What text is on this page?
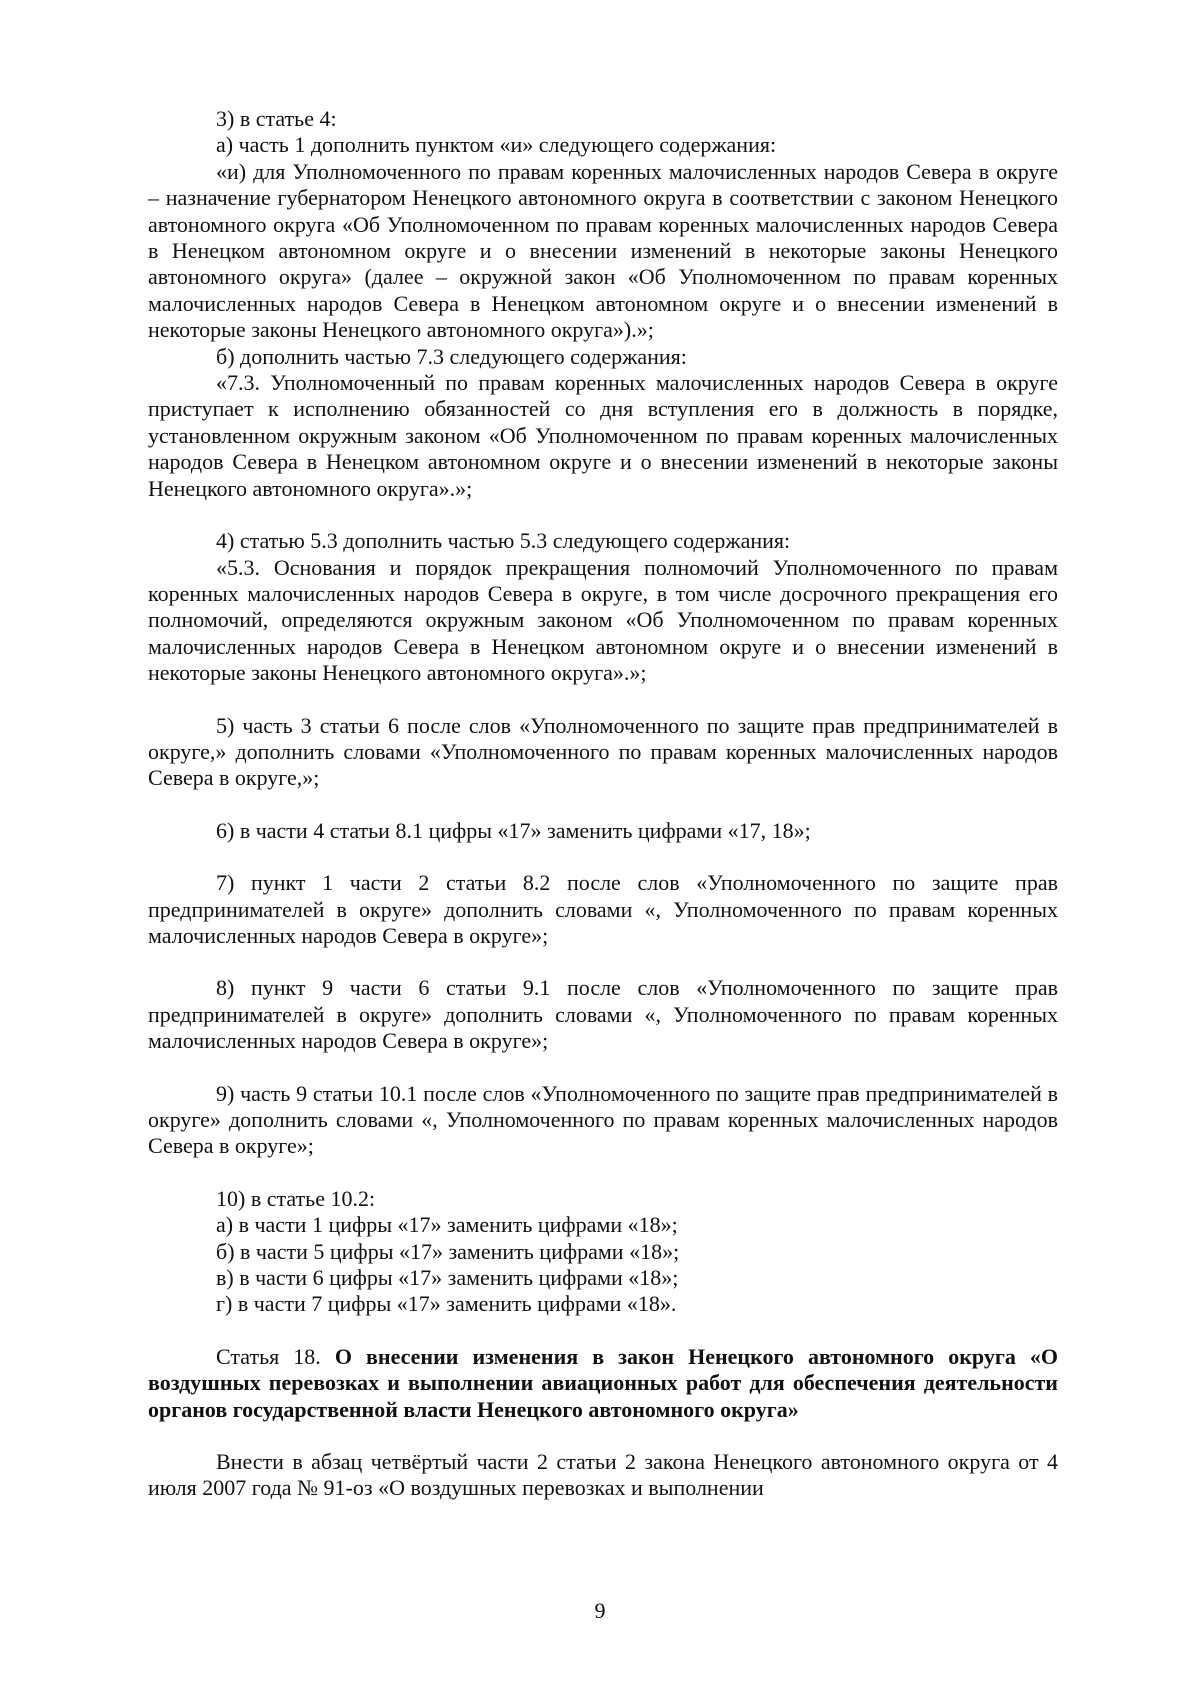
3) в статье 4:

а) часть 1 дополнить пунктом «и» следующего содержания:

«и) для Уполномоченного по правам коренных малочисленных народов Севера в округе – назначение губернатором Ненецкого автономного округа в соответствии с законом Ненецкого автономного округа «Об Уполномоченном по правам коренных малочисленных народов Севера в Ненецком автономном округе и о внесении изменений в некоторые законы Ненецкого автономного округа» (далее – окружной закон «Об Уполномоченном по правам коренных малочисленных народов Севера в Ненецком автономном округе и о внесении изменений в некоторые законы Ненецкого автономного округа»).»;

б) дополнить частью 7.3 следующего содержания:

«7.3. Уполномоченный по правам коренных малочисленных народов Севера в округе приступает к исполнению обязанностей со дня вступления его в должность в порядке, установленном окружным законом «Об Уполномоченном по правам коренных малочисленных народов Севера в Ненецком автономном округе и о внесении изменений в некоторые законы Ненецкого автономного округа».»;

4) статью 5.3 дополнить частью 5.3 следующего содержания:

«5.3. Основания и порядок прекращения полномочий Уполномоченного по правам коренных малочисленных народов Севера в округе, в том числе досрочного прекращения его полномочий, определяются окружным законом «Об Уполномоченном по правам коренных малочисленных народов Севера в Ненецком автономном округе и о внесении изменений в некоторые законы Ненецкого автономного округа».»;

5) часть 3 статьи 6 после слов «Уполномоченного по защите прав предпринимателей в округе,» дополнить словами «Уполномоченного по правам коренных малочисленных народов Севера в округе,»;

6) в части 4 статьи 8.1 цифры «17» заменить цифрами «17, 18»;

7) пункт 1 части 2 статьи 8.2 после слов «Уполномоченного по защите прав предпринимателей в округе» дополнить словами «, Уполномоченного по правам коренных малочисленных народов Севера в округе»;

8) пункт 9 части 6 статьи 9.1 после слов «Уполномоченного по защите прав предпринимателей в округе» дополнить словами «, Уполномоченного по правам коренных малочисленных народов Севера в округе»;

9) часть 9 статьи 10.1 после слов «Уполномоченного по защите прав предпринимателей в округе» дополнить словами «, Уполномоченного по правам коренных малочисленных народов Севера в округе»;

10) в статье 10.2:

а) в части 1 цифры «17» заменить цифрами «18»;

б) в части 5 цифры «17» заменить цифрами «18»;

в) в части 6 цифры «17» заменить цифрами «18»;

г) в части 7 цифры «17» заменить цифрами «18».

Статья 18. О внесении изменения в закон Ненецкого автономного округа «О воздушных перевозках и выполнении авиационных работ для обеспечения деятельности органов государственной власти Ненецкого автономного округа»

Внести в абзац четвёртый части 2 статьи 2 закона Ненецкого автономного округа от 4 июля 2007 года № 91-оз «О воздушных перевозках и выполнении

9
